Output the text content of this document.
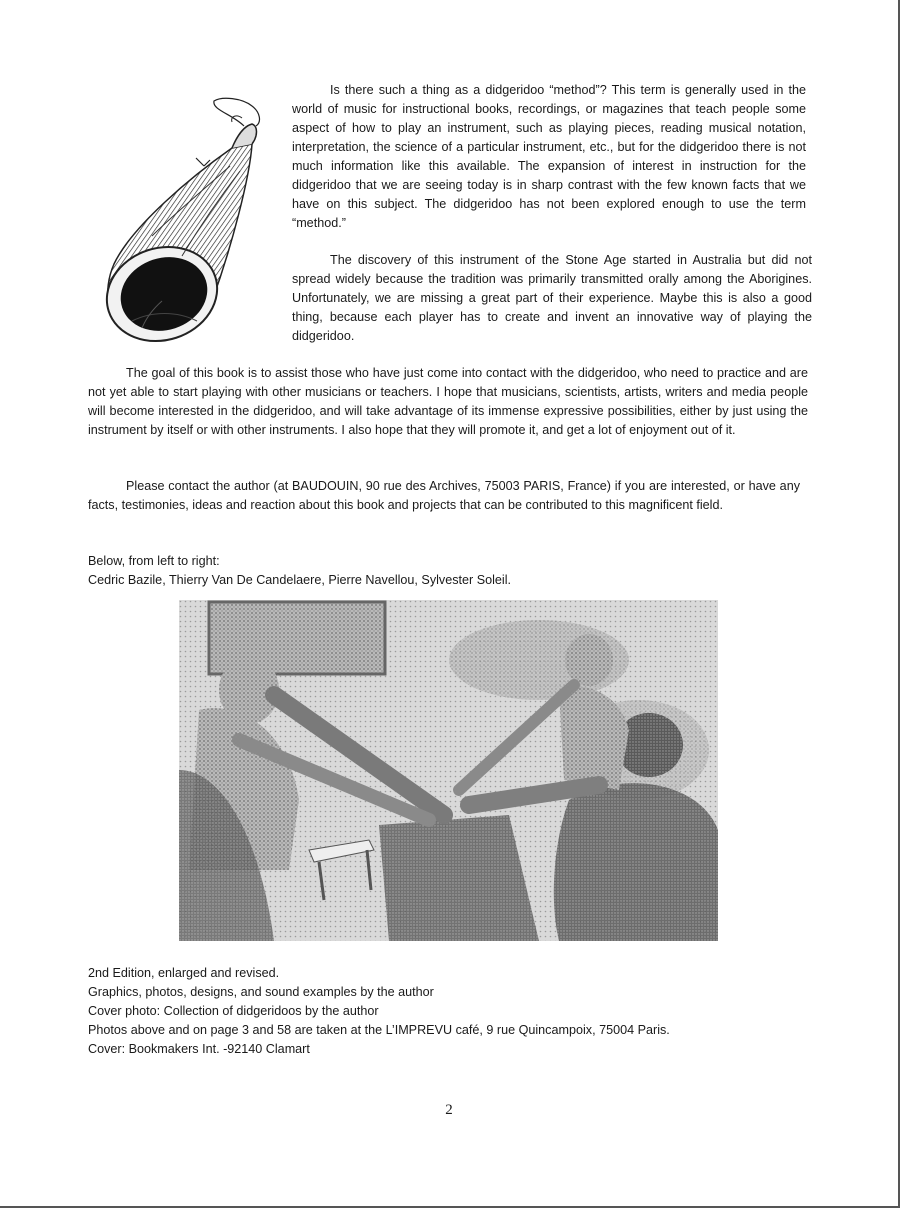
Is there such a thing as a didgeridoo “method”? This term is generally used in the world of music for instructional books, recordings, or magazines that teach people some aspect of how to play an instrument, such as playing pieces, reading musical notation, interpretation, the science of a particular instrument, etc., but for the didgeridoo there is not much information like this available. The expansion of interest in instruction for the didgeridoo that we are seeing today is in sharp contrast with the few known facts that we have on this subject. The didgeridoo has not been explored enough to use the term “method.”

The discovery of this instrument of the Stone Age started in Australia but did not spread widely because the tradition was primarily transmitted orally among the Aborigines. Unfortunately, we are missing a great part of their experience. Maybe this is also a good thing, because each player has to create and invent an innovative way of playing the didgeridoo.

The goal of this book is to assist those who have just come into contact with the didgeridoo, who need to practice and are not yet able to start playing with other musicians or teachers. I hope that musicians, scientists, artists, writers and media people will become interested in the didgeridoo, and will take advantage of its immense expressive possibilities, either by just using the instrument by itself or with other instruments. I also hope that they will promote it, and get a lot of enjoyment out of it.

Please contact the author (at BAUDOUIN, 90 rue des Archives, 75003 PARIS, France) if you are interested, or have any facts, testimonies, ideas and reaction about this book and projects that can be contributed to this magnificent field.

Below, from left to right:
Cedric Bazile, Thierry Van De Candelaere, Pierre Navellou, Sylvester Soleil.
2nd Edition, enlarged and revised.
Graphics, photos, designs, and sound examples by the author
Cover photo: Collection of didgeridoos by the author
Photos above and on page 3 and 58 are taken at the L’IMPREVU café, 9 rue Quincampoix, 75004 Paris.
Cover: Bookmakers Int. -92140 Clamart
2
